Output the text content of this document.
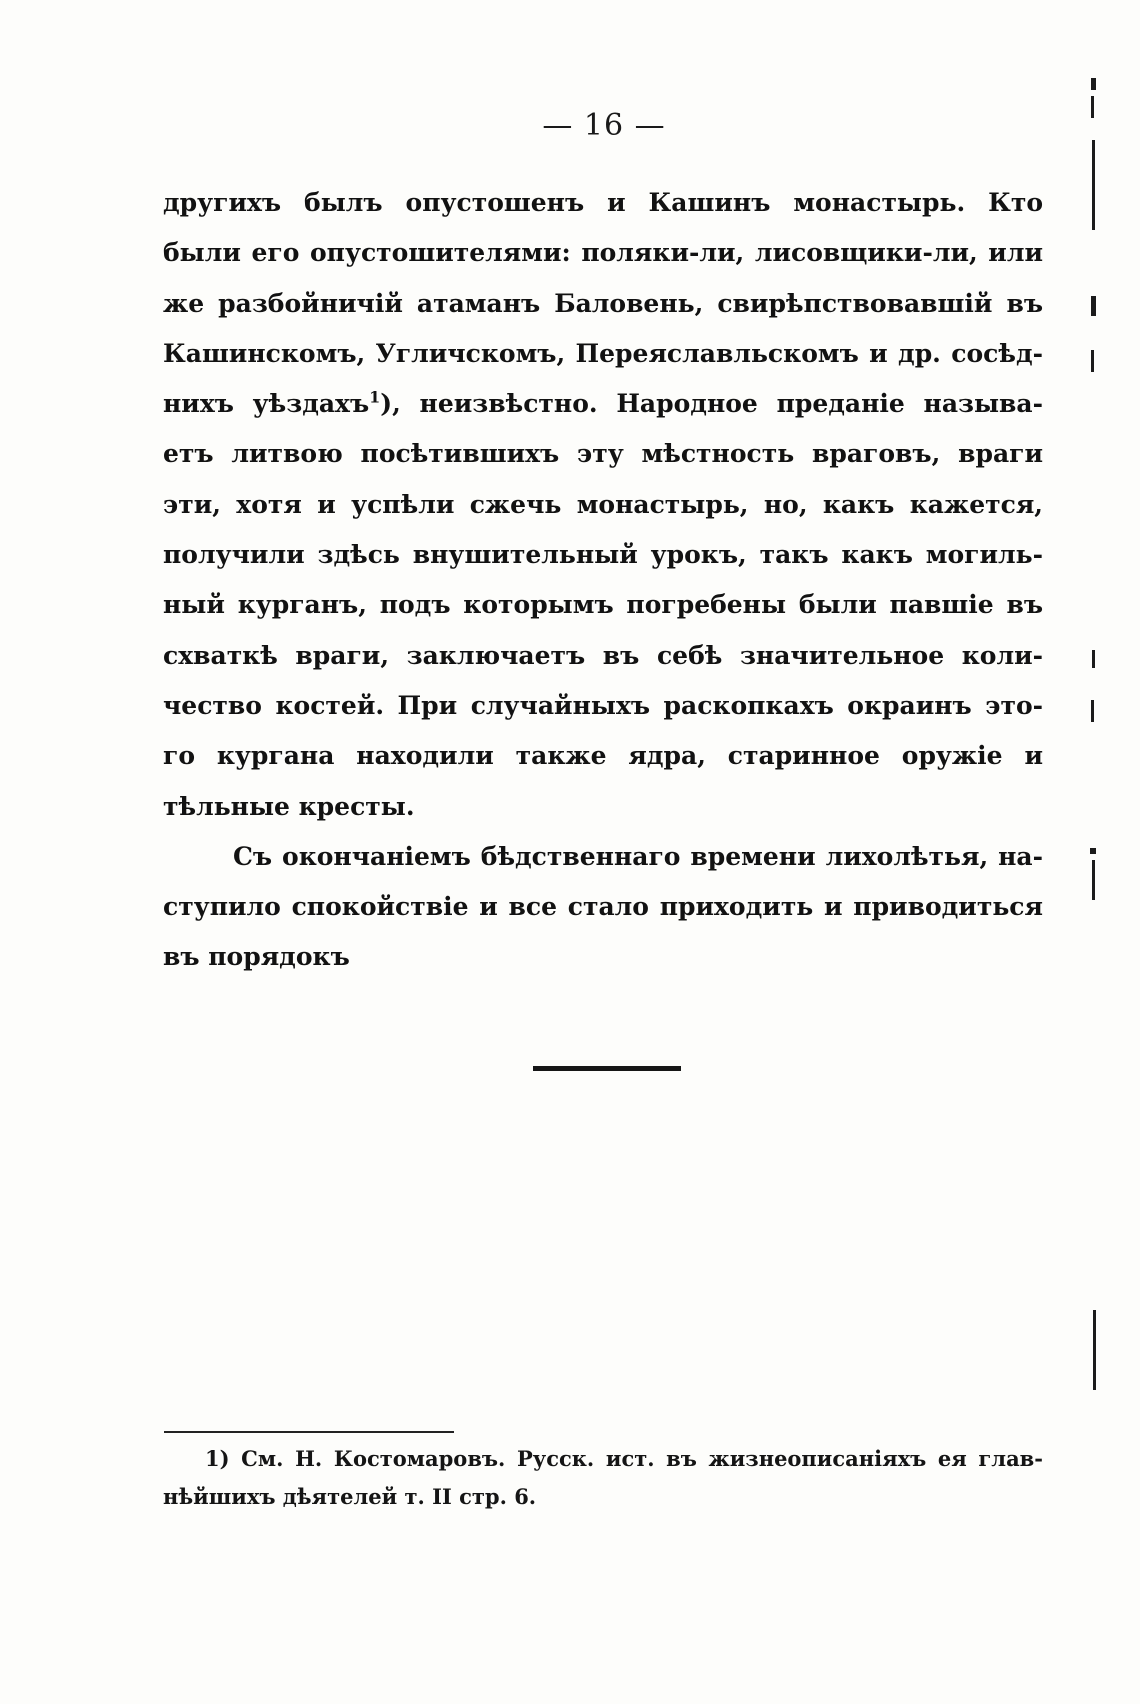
— 16 —
другихъ былъ опустошенъ и Кашинъ монастырь. Кто
были его опустошителями: поляки-ли, лисовщики-ли, или
же разбойничій атаманъ Баловень, свирѣпствовавшій въ
Кашинскомъ, Угличскомъ, Переяславльскомъ и др. сосѣд-
нихъ уѣздахъ$^1$), неизвѣстно. Народное преданіе называ-
етъ литвою посѣтившихъ эту мѣстность враговъ, враги
эти, хотя и успѣли сжечь монастырь, но, какъ кажется,
получили здѣсь внушительный урокъ, такъ какъ могиль-
ный курганъ, подъ которымъ погребены были павшіе въ
схваткѣ враги, заключаетъ въ себѣ значительное коли-
чество костей. При случайныхъ раскопкахъ окраинъ это-
го кургана находили также ядра, старинное оружіе и
тѣльные кресты.
Съ окончаніемъ бѣдственнаго времени лихолѣтья, на-
ступило спокойствіе и все стало приходить и приводиться
въ порядокъ
1) См. Н. Костомаровъ. Русск. ист. въ жизнеописаніяхъ ея глав-
нѣйшихъ дѣятелей т. II стр. 6.
